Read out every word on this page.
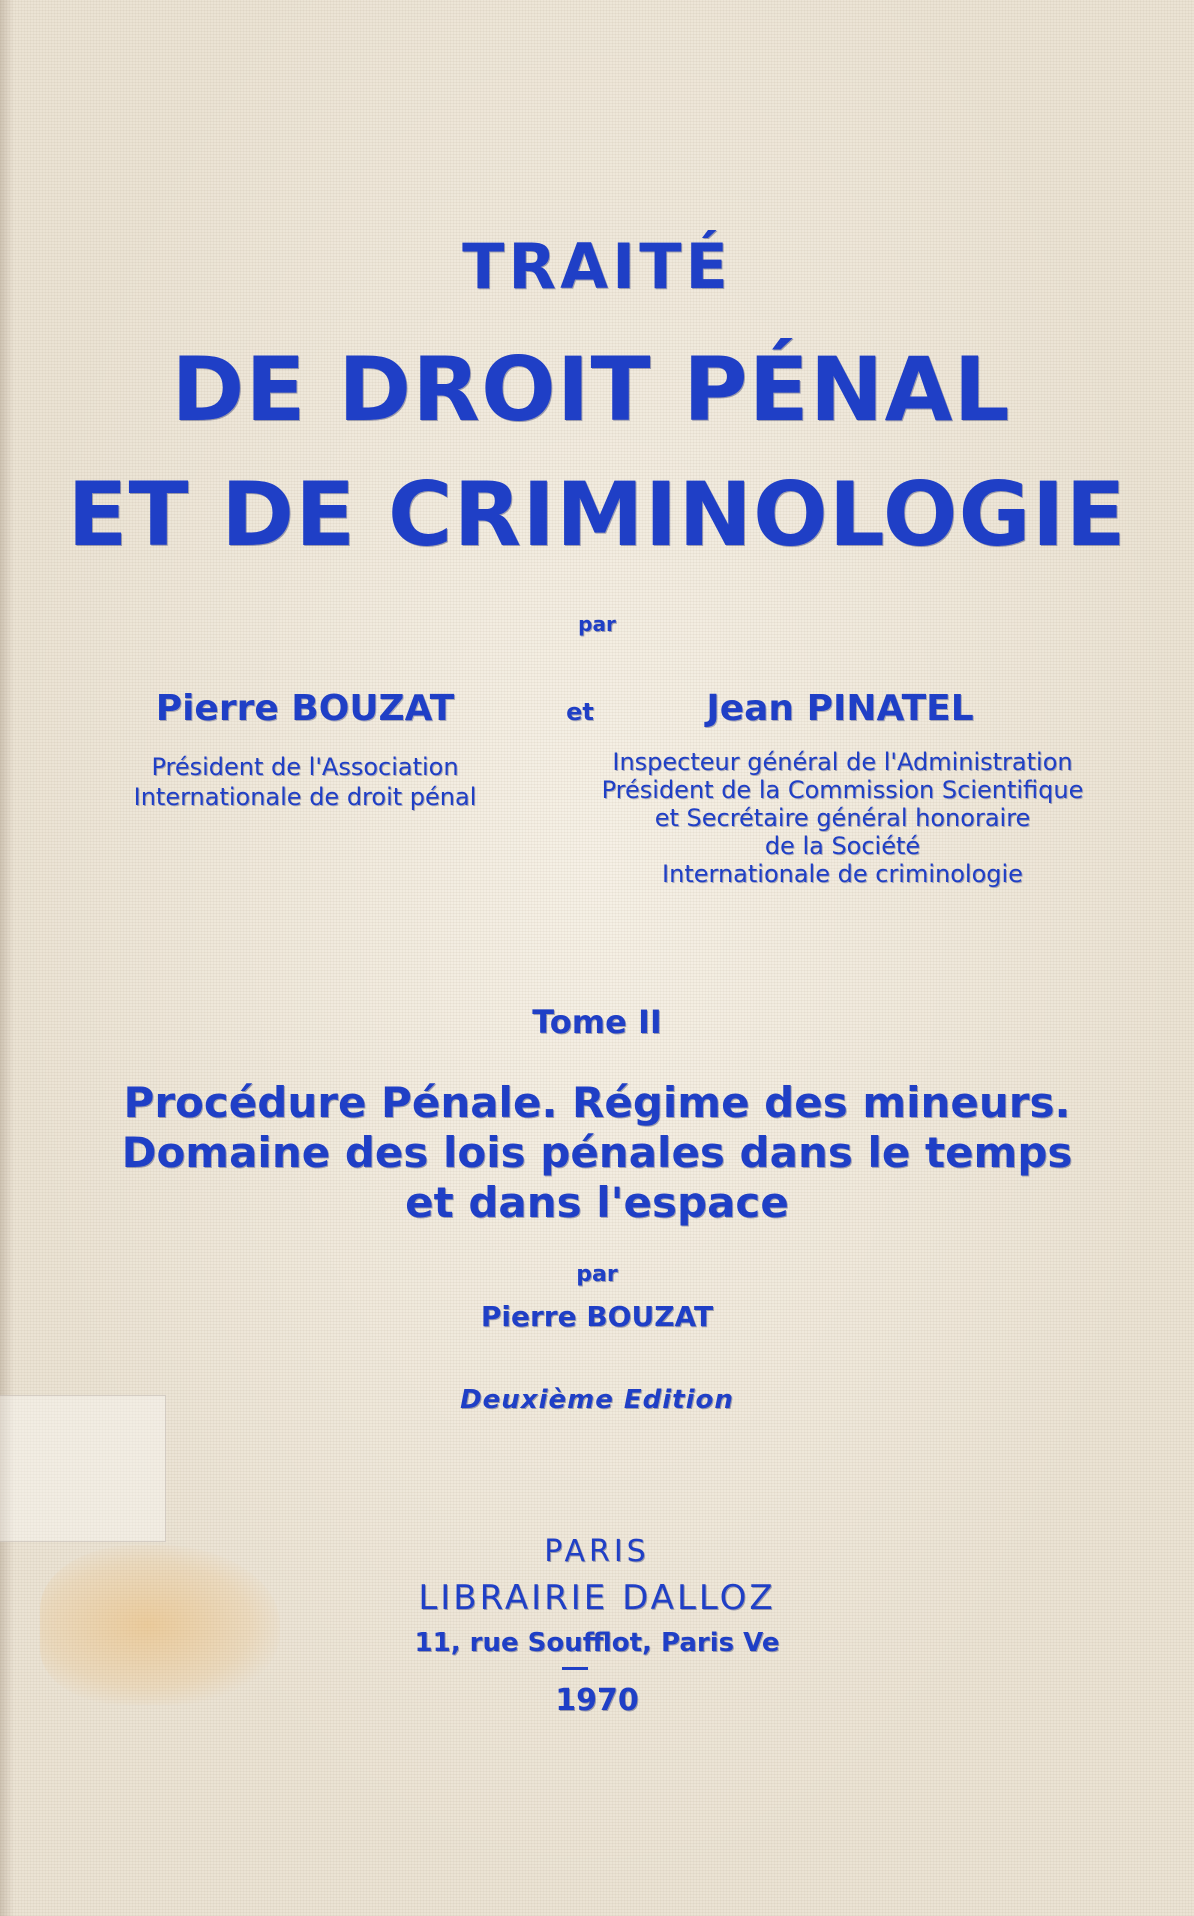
TRAITÉ
DE DROIT PÉNAL
ET DE CRIMINOLOGIE
par
Pierre BOUZAT	et	Jean PINATEL
Président de l'Association
Internationale de droit pénal
Inspecteur général de l'Administration
Président de la Commission Scientifique
et Secrétaire général honoraire
de la Société
Internationale de criminologie
Tome II
Procédure Pénale. Régime des mineurs.
Domaine des lois pénales dans le temps
et dans l'espace
par
Pierre BOUZAT
Deuxième Edition
PARIS
LIBRAIRIE DALLOZ
11, rue Soufflot, Paris Ve
1970
